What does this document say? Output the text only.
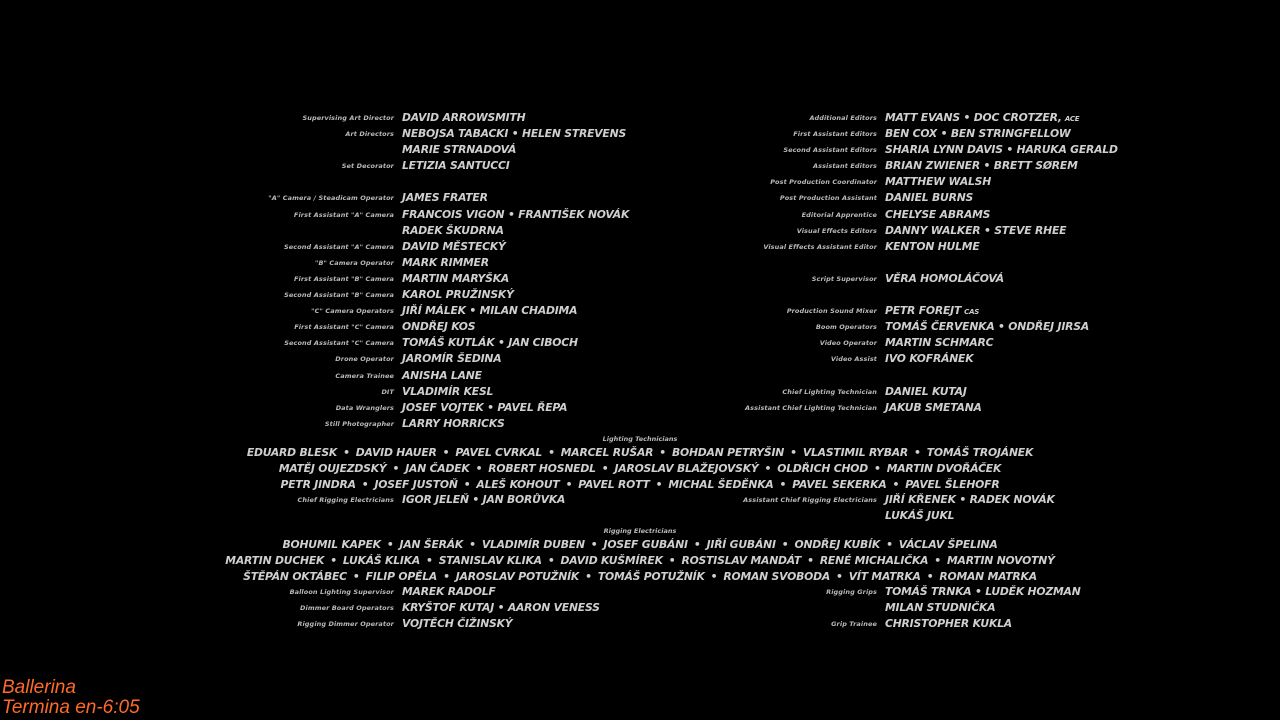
Supervising Art Director DAVID ARROWSMITH
Art Directors NEBOJSA TABACKI • HELEN STREVENS
MARIE STRNADOVÁ
Set Decorator LETIZIA SANTUCCI
"A" Camera / Steadicam Operator JAMES FRATER
First Assistant "A" Camera FRANCOIS VIGON • FRANTIŠEK NOVÁK
RADEK ŠKUDRNA
Second Assistant "A" Camera DAVID MĚSTECKÝ
"B" Camera Operator MARK RIMMER
First Assistant "B" Camera MARTIN MARYŠKA
Second Assistant "B" Camera KAROL PRUŽINSKÝ
"C" Camera Operators JIŘÍ MÁLEK • MILAN CHADIMA
First Assistant "C" Camera ONDŘEJ KOS
Second Assistant "C" Camera TOMÁŠ KUTLÁK • JAN CIBOCH
Drone Operator JAROMÍR ŠEDINA
Camera Trainee ANISHA LANE
DIT VLADIMÍR KESL
Data Wranglers JOSEF VOJTEK • PAVEL ŘEPA
Still Photographer LARRY HORRICKS
Additional Editors MATT EVANS • DOC CROTZER, ACE
First Assistant Editors BEN COX • BEN STRINGFELLOW
Second Assistant Editors SHARIA LYNN DAVIS • HARUKA GERALD
Assistant Editors BRIAN ZWIENER • BRETT SØREM
Post Production Coordinator MATTHEW WALSH
Post Production Assistant DANIEL BURNS
Editorial Apprentice CHELYSE ABRAMS
Visual Effects Editors DANNY WALKER • STEVE RHEE
Visual Effects Assistant Editor KENTON HULME
Script Supervisor VĚRA HOMOLÁČOVÁ
Production Sound Mixer PETR FOREJT CAS
Boom Operators TOMÁŠ ČERVENKA • ONDŘEJ JIRSA
Video Operator MARTIN SCHMARC
Video Assist IVO KOFRÁNEK
Chief Lighting Technician DANIEL KUTAJ
Assistant Chief Lighting Technician JAKUB SMETANA
Lighting Technicians
EDUARD BLESK • DAVID HAUER • PAVEL CVRKAL • MARCEL RUŠAR • BOHDAN PETRYŠIN • VLASTIMIL RYBAR • TOMÁŠ TROJÁNEK
MATĚJ OUJEZDSKÝ • JAN ČADEK • ROBERT HOSNEDL • JAROSLAV BLAŽEJOVSKÝ • OLDŘICH CHOD • MARTIN DVOŘÁČEK
PETR JINDRA • JOSEF JUSTOŇ • ALEŠ KOHOUT • PAVEL ROTT • MICHAL ŠEDĚNKA • PAVEL SEKERKA • PAVEL ŠLEHOFR
Chief Rigging Electricians IGOR JELEŇ • JAN BORŮVKA	Assistant Chief Rigging Electricians JIŘÍ KŘENEK • RADEK NOVÁK
LUKÁŠ JUKL
Rigging Electricians
BOHUMIL KAPEK • JAN ŠERÁK • VLADIMÍR DUBEN • JOSEF GUBÁNI • JIŘÍ GUBÁNI • ONDŘEJ KUBÍK • VÁCLAV ŠPELINA
MARTIN DUCHEK • LUKÁŠ KLIKA • STANISLAV KLIKA • DAVID KUŠMÍREK • ROSTISLAV MANDÁT • RENÉ MICHALIČKA • MARTIN NOVOTNÝ
ŠTĚPÁN OKTÁBEC • FILIP OPĚLA • JAROSLAV POTUŽNÍK • TOMÁŠ POTUŽNÍK • ROMAN SVOBODA • VÍT MATRKA • ROMAN MATRKA
Balloon Lighting Supervisor MAREK RADOLF
Dimmer Board Operators KRYŠTOF KUTAJ • AARON VENESS
Rigging Dimmer Operator VOJTĚCH ČIŽINSKÝ
Rigging Grips TOMÁŠ TRNKA • LUDĚK HOZMAN
MILAN STUDNIČKA
Grip Trainee CHRISTOPHER KUKLA
Ballerina
Termina en-6:05
